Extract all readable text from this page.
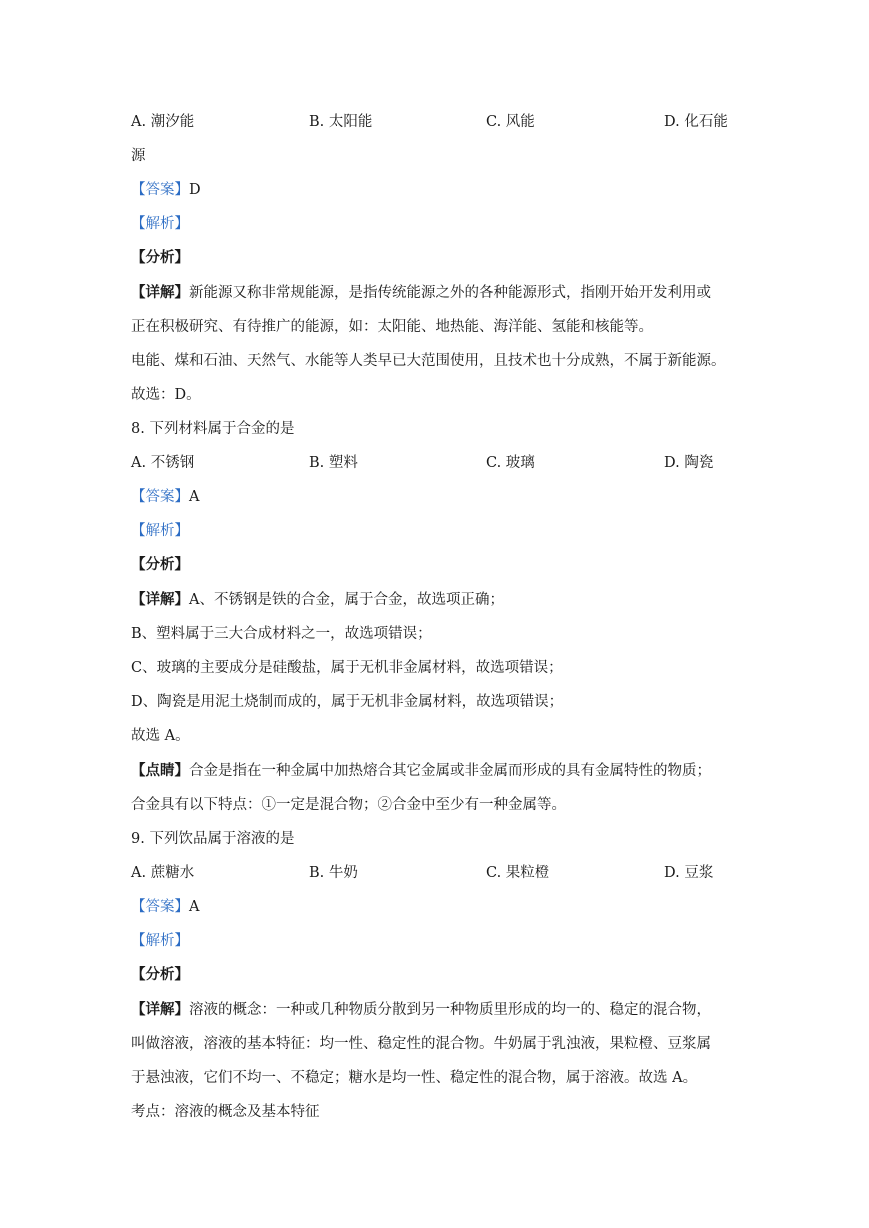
A. 潮汐能	B. 太阳能	C. 风能	D. 化石能
源
【答案】D
【解析】
【分析】
【详解】新能源又称非常规能源，是指传统能源之外的各种能源形式，指刚开始开发利用或
正在积极研究、有待推广的能源，如：太阳能、地热能、海洋能、氢能和核能等。
电能、煤和石油、天然气、水能等人类早已大范围使用，且技术也十分成熟，不属于新能源。
故选：D。
8. 下列材料属于合金的是
A. 不锈钢	B. 塑料	C. 玻璃	D. 陶瓷
【答案】A
【解析】
【分析】
【详解】A、不锈钢是铁的合金，属于合金，故选项正确；
B、塑料属于三大合成材料之一，故选项错误；
C、玻璃的主要成分是硅酸盐，属于无机非金属材料，故选项错误；
D、陶瓷是用泥土烧制而成的，属于无机非金属材料，故选项错误；
故选 A。
【点睛】合金是指在一种金属中加热熔合其它金属或非金属而形成的具有金属特性的物质；
合金具有以下特点：①一定是混合物；②合金中至少有一种金属等。
9. 下列饮品属于溶液的是
A. 蔗糖水	B. 牛奶	C. 果粒橙	D. 豆浆
【答案】A
【解析】
【分析】
【详解】溶液的概念：一种或几种物质分散到另一种物质里形成的均一的、稳定的混合物，
叫做溶液，溶液的基本特征：均一性、稳定性的混合物。牛奶属于乳浊液，果粒橙、豆浆属
于悬浊液，它们不均一、不稳定；糖水是均一性、稳定性的混合物，属于溶液。故选 A。
考点：溶液的概念及基本特征
